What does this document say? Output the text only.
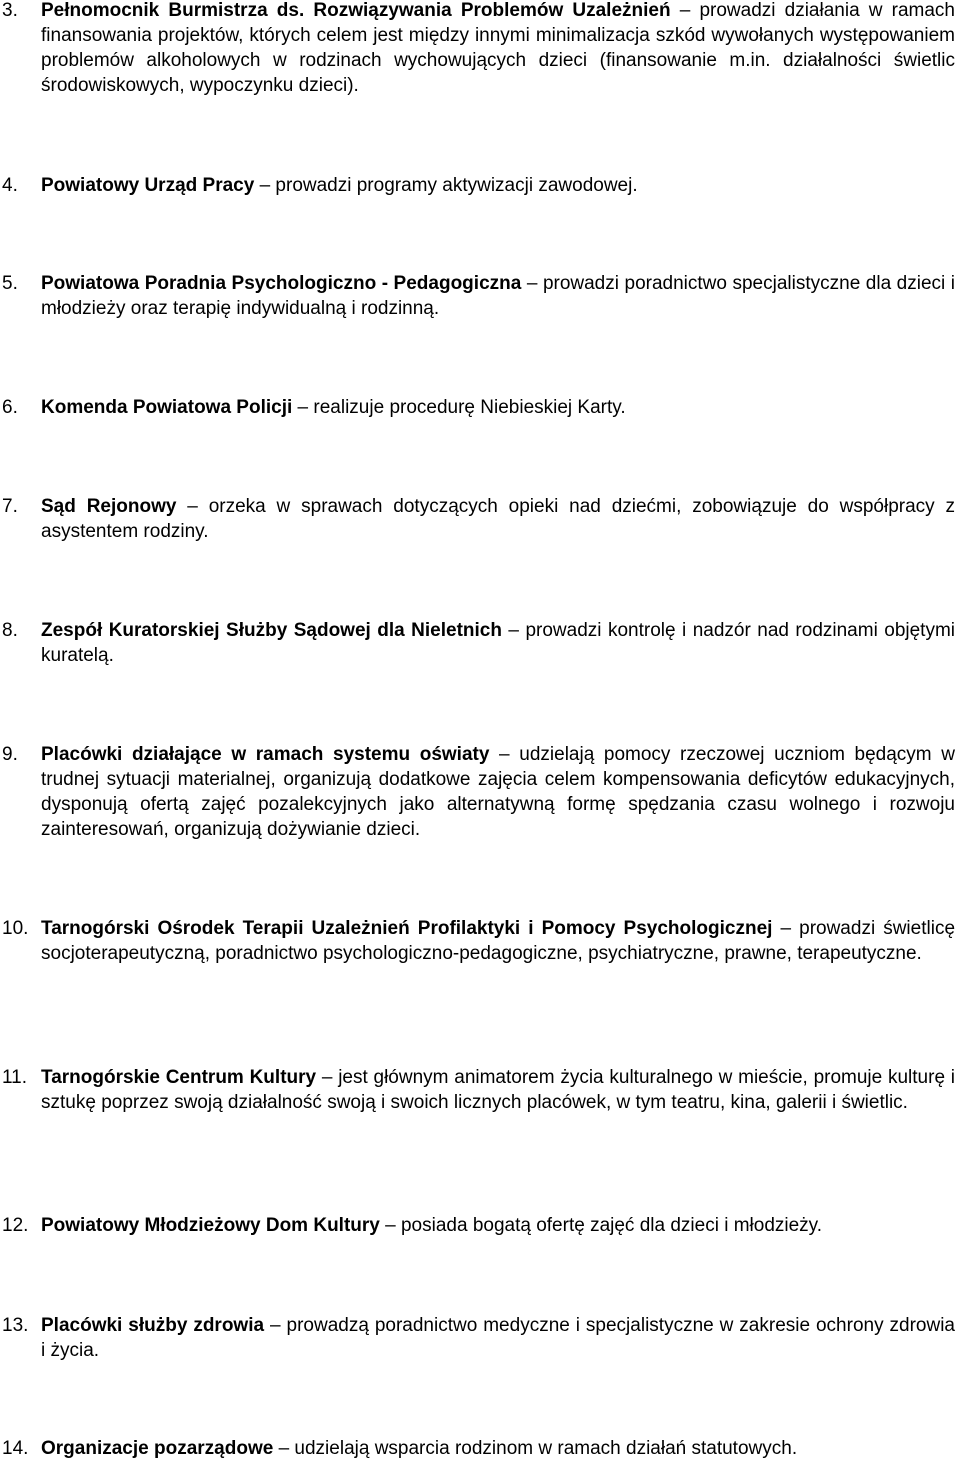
3. Pełnomocnik Burmistrza ds. Rozwiązywania Problemów Uzależnień – prowadzi działania w ramach finansowania projektów, których celem jest między innymi minimalizacja szkód wywołanych występowaniem problemów alkoholowych w rodzinach wychowujących dzieci (finansowanie m.in. działalności świetlic środowiskowych, wypoczynku dzieci).
4. Powiatowy Urząd Pracy – prowadzi programy aktywizacji zawodowej.
5. Powiatowa Poradnia Psychologiczno - Pedagogiczna – prowadzi poradnictwo specjalistyczne dla dzieci i młodzieży oraz terapię indywidualną i rodzinną.
6. Komenda Powiatowa Policji – realizuje procedurę Niebieskiej Karty.
7. Sąd Rejonowy – orzeka w sprawach dotyczących opieki nad dziećmi, zobowiązuje do współpracy z asystentem rodziny.
8. Zespół Kuratorskiej Służby Sądowej dla Nieletnich – prowadzi kontrolę i nadzór nad rodzinami objętymi kuratelą.
9. Placówki działające w ramach systemu oświaty – udzielają pomocy rzeczowej uczniom będącym w trudnej sytuacji materialnej, organizują dodatkowe zajęcia celem kompensowania deficytów edukacyjnych, dysponują ofertą zajęć pozalekcyjnych jako alternatywną formę spędzania czasu wolnego i rozwoju zainteresowań, organizują dożywianie dzieci.
10. Tarnogórski Ośrodek Terapii Uzależnień Profilaktyki i Pomocy Psychologicznej – prowadzi świetlicę socjoterapeutyczną, poradnictwo psychologiczno-pedagogiczne, psychiatryczne, prawne, terapeutyczne.
11. Tarnogórskie Centrum Kultury – jest głównym animatorem życia kulturalnego w mieście, promuje kulturę i sztukę poprzez swoją działalność swoją i swoich licznych placówek, w tym teatru, kina, galerii i świetlic.
12. Powiatowy Młodzieżowy Dom Kultury – posiada bogatą ofertę zajęć dla dzieci i młodzieży.
13. Placówki służby zdrowia – prowadzą poradnictwo medyczne i specjalistyczne w zakresie ochrony zdrowia i życia.
14. Organizacje pozarządowe – udzielają wsparcia rodzinom w ramach działań statutowych.
